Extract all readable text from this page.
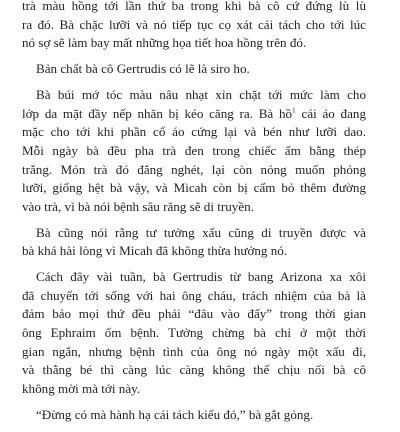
trà màu hồng tới lần thứ ba trong khi bà cô cứ đứng lù lù
ra đó. Bà chặc lưỡi và nó tiếp tục cọ xát cái tách cho tới lúc
nó sợ sẽ làm bay mất những họa tiết hoa hồng trên đó.
Bản chất bà cô Gertrudis có lẽ là siro ho.
Bà búi mớ tóc màu nâu nhạt xỉn chặt tới mức làm cho
lớp da mặt đầy nếp nhăn bị kéo căng ra. Bà hồ$^1$ cái áo đang
mặc cho tới khi phần cổ áo cứng lại và bén như lưỡi dao.
Mỗi ngày bà đều pha trà đen trong chiếc ấm bằng thép
trắng. Món trà đó đắng nghét, lại còn nóng muốn phỏng
lưỡi, giống hệt bà vậy, và Micah còn bị cấm bỏ thêm đường
vào trà, vì bà nói bệnh sâu răng sẽ di truyền.
Bà cũng nói rằng tư tưởng xấu cũng di truyền được và
bà khá hài lòng vì Micah đã không thừa hưởng nó.
Cách đây vài tuần, bà Gertrudis từ bang Arizona xa xôi
đã chuyển tới sống với hai ông cháu, trách nhiệm của bà là
đảm bảo mọi thứ đều phải “đâu vào đấy” trong thời gian
ông Ephraim ốm bệnh. Tưởng chừng bà chỉ ở một thời
gian ngắn, nhưng bệnh tình của ông nó ngày một xấu đi,
và thằng bé thì càng lúc càng không thể chịu nổi bà cô
không mời mà tới này.
“Đừng có mà hành hạ cái tách kiểu đó,” bà gắt gỏng.
